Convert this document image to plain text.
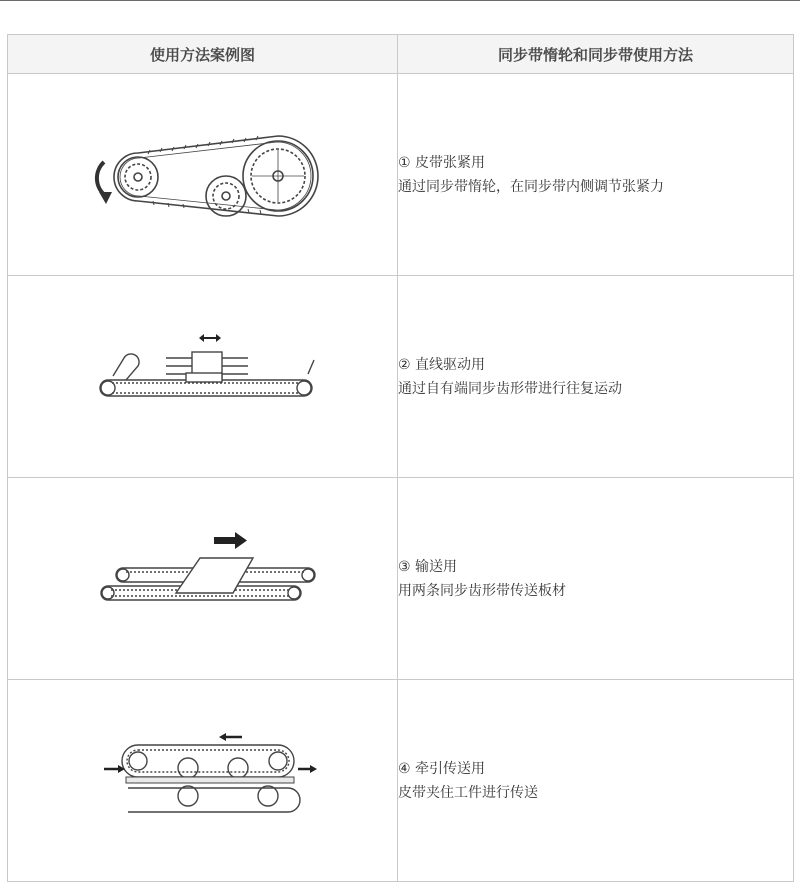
使用方法案例图	同步带惰轮和同步带使用方法

① 皮带张紧用
通过同步带惰轮，在同步带内侧调节张紧力

② 直线驱动用
通过自有端同步齿形带进行往复运动

③ 输送用
用两条同步齿形带传送板材

④ 牵引传送用
皮带夹住工件进行传送
